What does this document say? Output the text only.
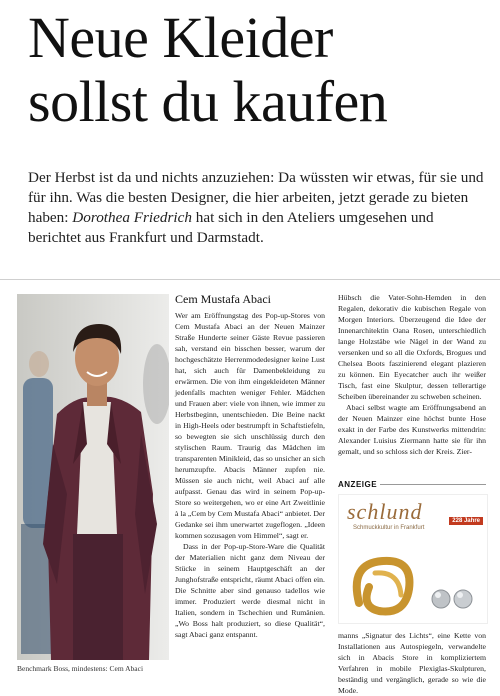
Neue Kleider
sollst du kaufen

Der Herbst ist da und nichts anzuziehen: Da wüssten wir etwas, für sie und für ihn. Was die besten Designer, die hier arbeiten, jetzt gerade zu bieten haben: Dorothea Friedrich hat sich in den Ateliers umgesehen und berichtet aus Frankfurt und Darmstadt.

Benchmark Boss, mindestens: Cem Abaci
Cem Mustafa Abaci

Wer am Eröffnungstag des Pop-up-Stores von Cem Mustafa Abaci an der Neuen Mainzer Straße Hunderte seiner Gäste Revue passieren sah, verstand ein bisschen besser, warum der hochgeschätzte Herrenmodedesigner keine Lust hat, sich auch für Damenbekleidung zu erwärmen. Die von ihm eingekleideten Männer jedenfalls machten weniger Fehler. Mädchen und Frauen aber: viele von ihnen, wie immer zu Herbstbeginn, unentschieden. Die Beine nackt in High-Heels oder bestrumpft in Schaftstiefeln, so bewegten sie sich unschlüssig durch den stylischen Raum. Traurig das Mädchen im transparenten Minikleid, das so unsicher an sich herumzupfte. Abacis Männer zupfen nie. Müssen sie auch nicht, weil Abaci auf alle aufpasst. Genau das wird in seinem Pop-up-Store so weitergehen, wo er eine Art Zweitlinie à la „Cem by Cem Mustafa Abaci“ anbietet. Der Gedanke sei ihm unerwartet zugeflogen. „Ideen kommen sozusagen vom Himmel“, sagt er.

Dass in der Pop-up-Store-Ware die Qualität der Materialien nicht ganz dem Niveau der Stücke in seinem Hauptgeschäft an der Junghofstraße entspricht, räumt Abaci offen ein. Die Schnitte aber sind genauso tadellos wie immer. Produziert werde diesmal nicht in Italien, sondern in Tschechien und Rumänien. „Wo Boss halt produziert, so diese Qualität“, sagt Abaci ganz entspannt.

Hübsch die Vater-Sohn-Hemden in den Regalen, dekorativ die kubischen Regale von Morgen Interiors. Überzeugend die Idee der Innenarchitektin Oana Rosen, unterschiedlich lange Holzstäbe wie Nägel in der Wand zu versenken und so all die Oxfords, Brogues und Chelsea Boots faszinierend elegant plazieren zu können. Ein Eyecatcher auch ihr weißer Tisch, fast eine Skulptur, dessen tellerartige Scheiben übereinander zu schweben scheinen.

Abaci selbst wagte am Eröffnungsabend an der Neuen Mainzer eine höchst bunte Hose exakt in der Farbe des Kunstwerks mittendrin: Alexander Luisius Ziermann hatte sie für ihn gemalt, und so schloss sich der Kreis. Zier-

ANZEIGE
schlund
Schmuckkultur in Frankfurt
228 Jahre

manns „Signatur des Lichts“, eine Kette von Installationen aus Autospiegeln, verwandelte sich in Abacis Store in kompliziertem Verfahren in mobile Plexiglas-Skulpturen, beständig und vergänglich, gerade so wie die Mode.
